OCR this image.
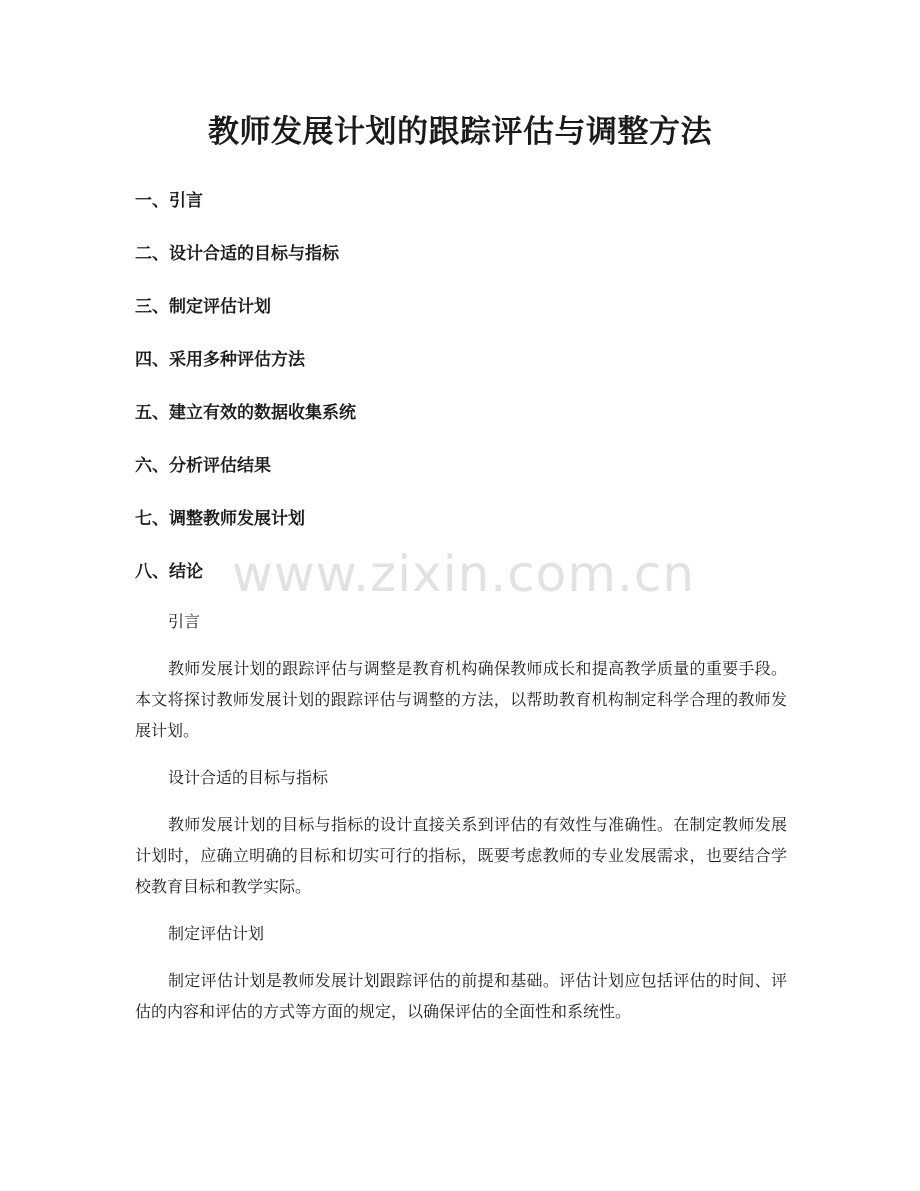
教师发展计划的跟踪评估与调整方法
一、引言
二、设计合适的目标与指标
三、制定评估计划
四、采用多种评估方法
五、建立有效的数据收集系统
六、分析评估结果
七、调整教师发展计划
八、结论

引言

教师发展计划的跟踪评估与调整是教育机构确保教师成长和提高教学质量的重要手段。本文将探讨教师发展计划的跟踪评估与调整的方法，以帮助教育机构制定科学合理的教师发展计划。

设计合适的目标与指标

教师发展计划的目标与指标的设计直接关系到评估的有效性与准确性。在制定教师发展计划时，应确立明确的目标和切实可行的指标，既要考虑教师的专业发展需求，也要结合学校教育目标和教学实际。

制定评估计划

制定评估计划是教师发展计划跟踪评估的前提和基础。评估计划应包括评估的时间、评估的内容和评估的方式等方面的规定，以确保评估的全面性和系统性。

www.zixin.com.cn
